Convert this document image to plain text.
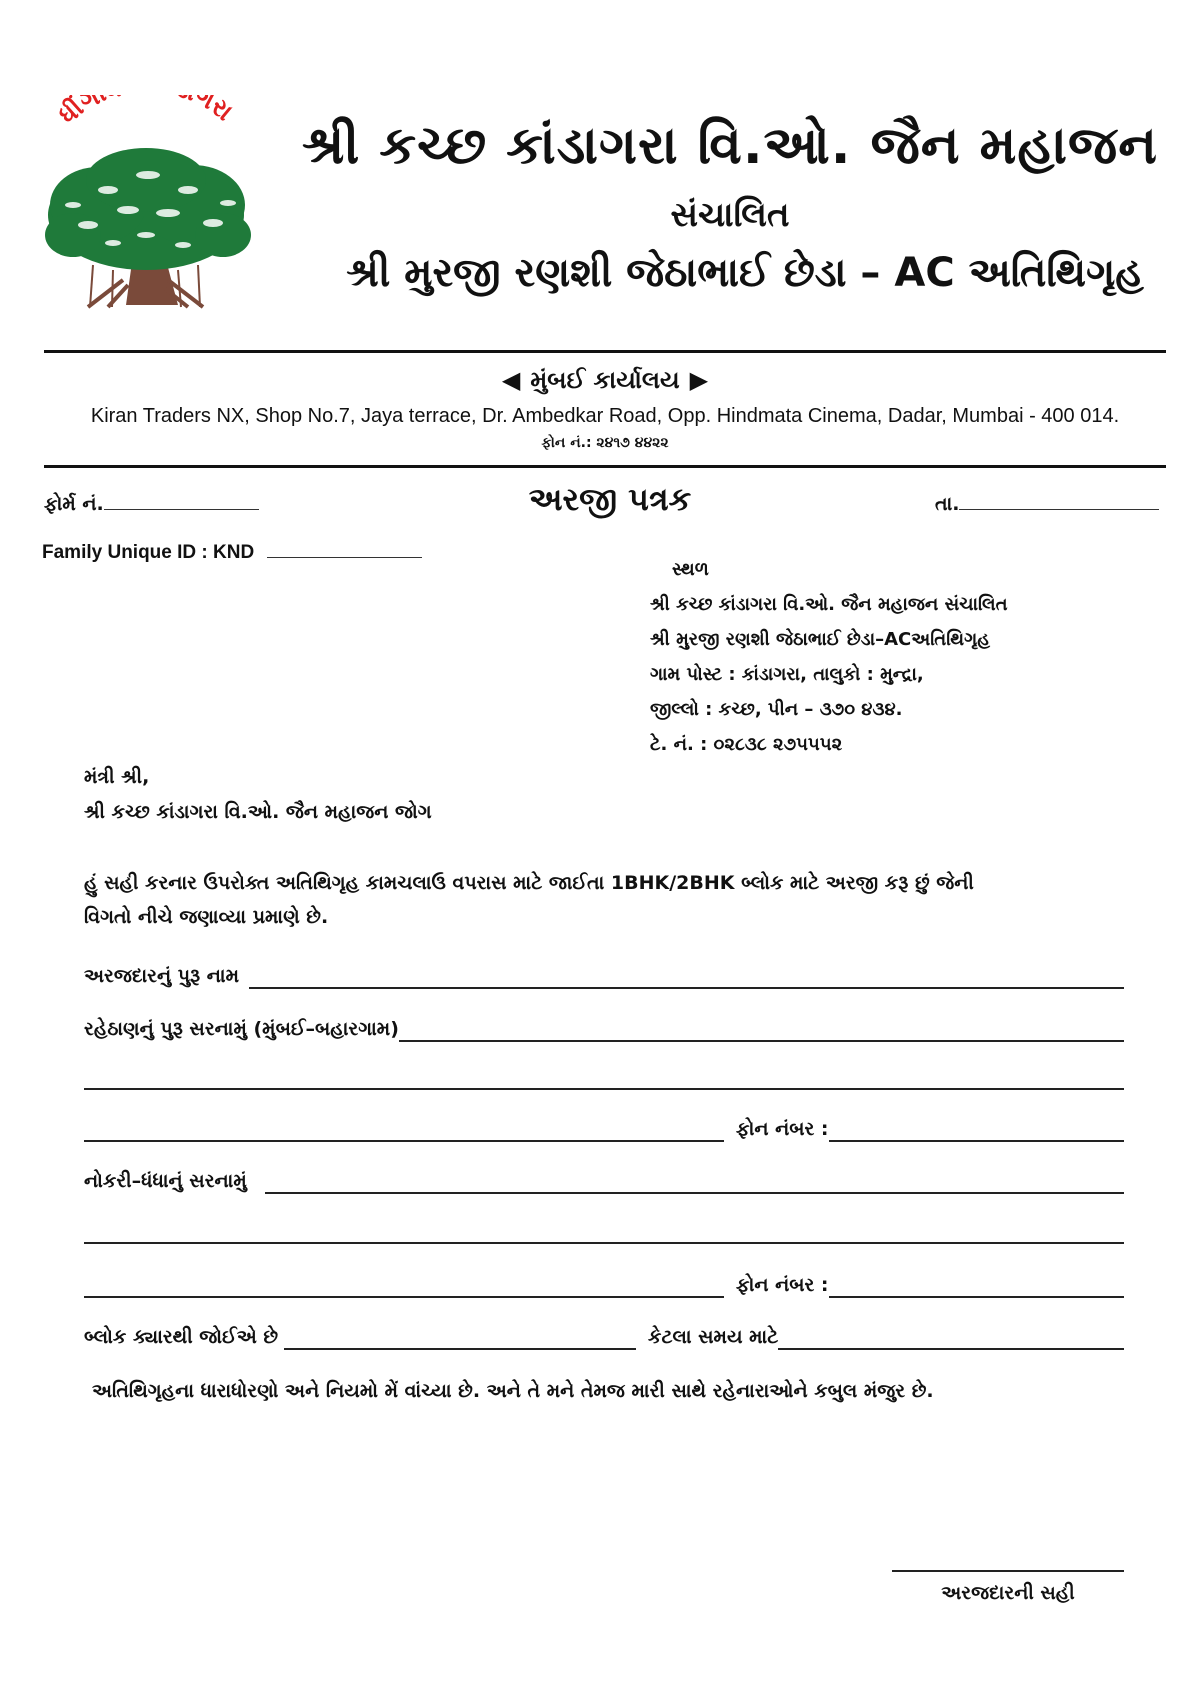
ધીંગી ગરા
શ્રી કચ્છ કાંડાગરા વિ.ઓ. જૈન મહાજન
સંચાલિત
શ્રી મુરજી રણશી જેઠાભાઈ છેડા – AC અતિથિગૃહ
◀ મુંબઈ કાર્યાલય ▶
Kiran Traders NX, Shop No.7, Jaya terrace, Dr. Ambedkar Road, Opp. Hindmata Cinema, Dadar, Mumbai - 400 014.
ફોન નં.: ૨૪૧૭ ૪૪૨૨
ફોર્મ નં.	અરજી પત્રક	તા.
Family Unique ID : KND
સ્થળ
શ્રી કચ્છ કાંડાગરા વિ.ઓ. જૈન મહાજન સંચાલિત
શ્રી મુરજી રણશી જેઠાભાઈ છેડા–ACઅતિથિગૃહ
ગામ પોસ્ટ : કાંડાગરા, તાલુકો : મુન્દ્રા,
જીલ્લો : કચ્છ, પીન – ૩૭૦ ૪૩૪.
ટે. નં. : ૦૨૮૩૮ ૨૭૫૫૫૨
મંત્રી શ્રી,
શ્રી કચ્છ કાંડાગરા વિ.ઓ. જૈન મહાજન જોગ
હું સહી કરનાર ઉપરોક્ત અતિથિગૃહ કામચલાઉ વપરાસ માટે જાઈતા 1BHK/2BHK બ્લોક માટે અરજી કરૂ છું જેની
વિગતો નીચે જણાવ્યા પ્રમાણે છે.
અરજદારનું પુરૂ નામ
રહેઠાણનું પુરૂ સરનામું (મુંબઈ–બહારગામ)
ફોન નંબર :
નોકરી–ધંધાનું સરનામું
ફોન નંબર :
બ્લોક ક્યારથી જોઈએ છે	કેટલા સમય માટે
અતિથિગૃહના ધારાધોરણો અને નિયમો મેં વાંચ્યા છે. અને તે મને તેમજ મારી સાથે રહેનારાઓને કબુલ મંજુર છે.
અરજદારની સહી
